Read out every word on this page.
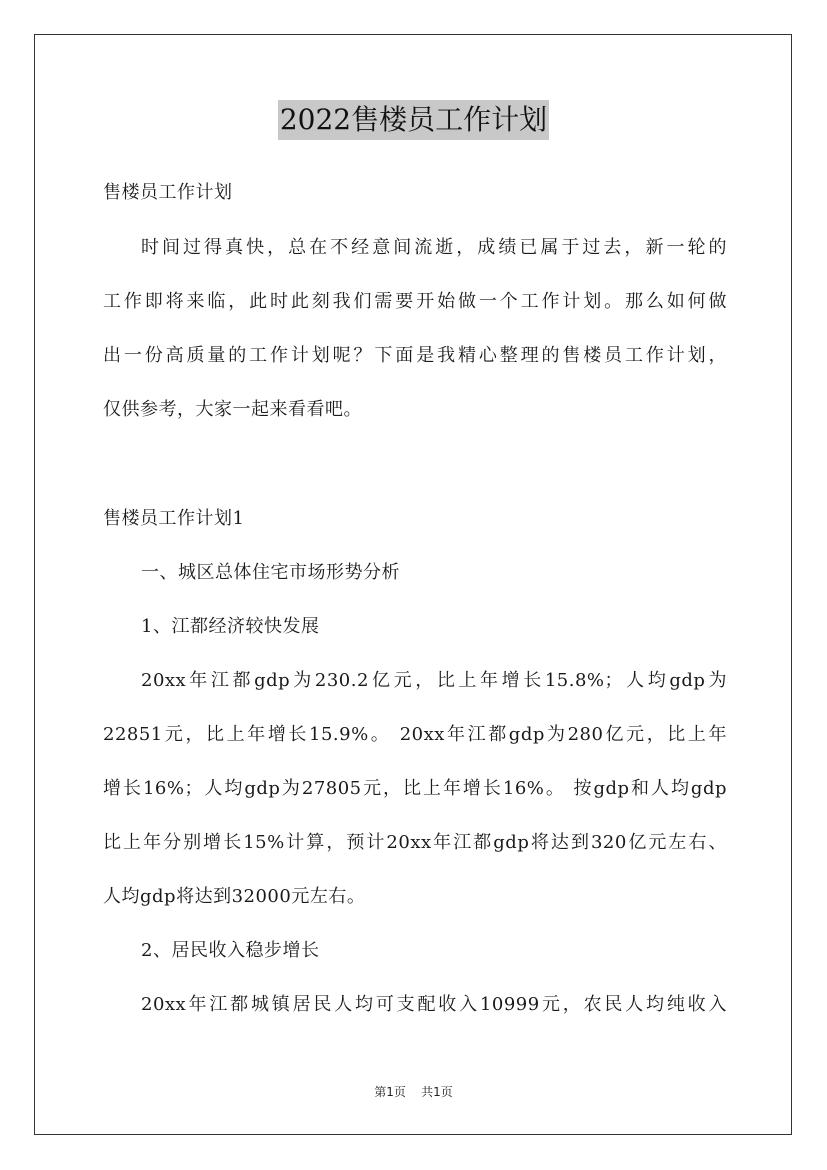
2022售楼员工作计划
售楼员工作计划
时间过得真快，总在不经意间流逝，成绩已属于过去，新一轮的
工作即将来临，此时此刻我们需要开始做一个工作计划。那么如何做
出一份高质量的工作计划呢？下面是我精心整理的售楼员工作计划，
仅供参考，大家一起来看看吧。
售楼员工作计划1
一、城区总体住宅市场形势分析
1、江都经济较快发展
20xx年江都gdp为230.2亿元，比上年增长15.8%；人均gdp为
22851元，比上年增长15.9%。 20xx年江都gdp为280亿元，比上年
增长16%；人均gdp为27805元，比上年增长16%。 按gdp和人均gdp
比上年分别增长15%计算，预计20xx年江都gdp将达到320亿元左右、
人均gdp将达到32000元左右。
2、居民收入稳步增长
20xx年江都城镇居民人均可支配收入10999元，农民人均纯收入
第1页 共1页
